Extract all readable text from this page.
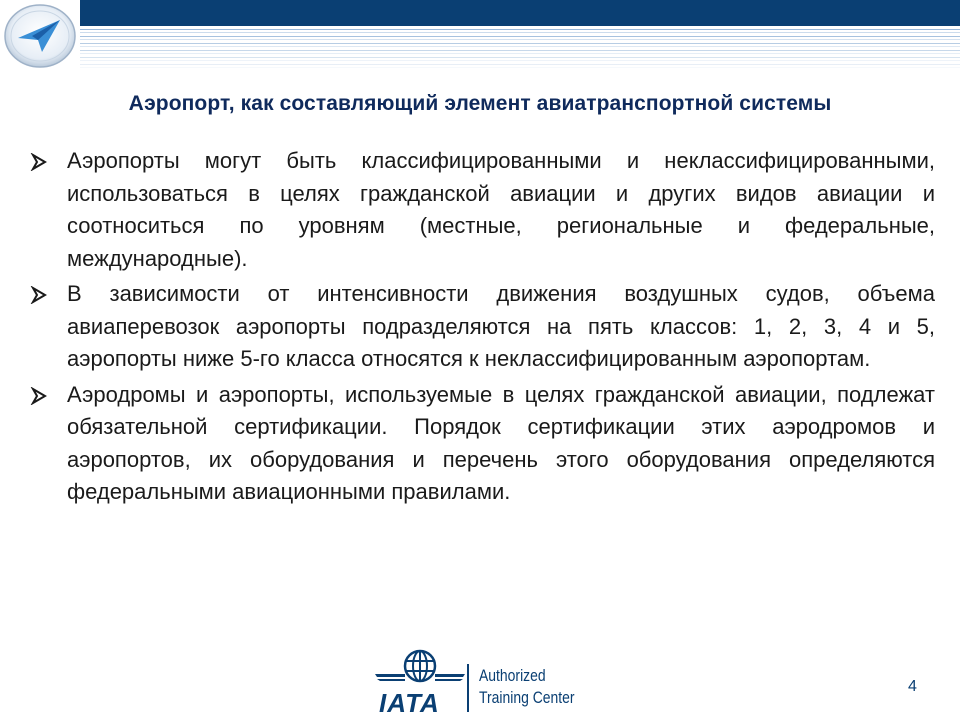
Аэропорт, как составляющий элемент авиатранспортной системы
Аэропорты могут быть классифицированными и неклассифицированными, использоваться в целях гражданской авиации и других видов авиации и соотноситься по уровням (местные, региональные и федеральные, международные).
В зависимости от интенсивности движения воздушных судов, объема авиаперевозок аэропорты подразделяются на пять классов: 1, 2, 3, 4 и 5, аэропорты ниже 5-го класса относятся к неклассифицированным аэропортам.
Аэродромы и аэропорты, используемые в целях гражданской авиации, подлежат обязательной сертификации. Порядок сертификации этих аэродромов и аэропортов, их оборудования и перечень этого оборудования определяются федеральными авиационными правилами.
IATA
Authorized
Training Center
4
